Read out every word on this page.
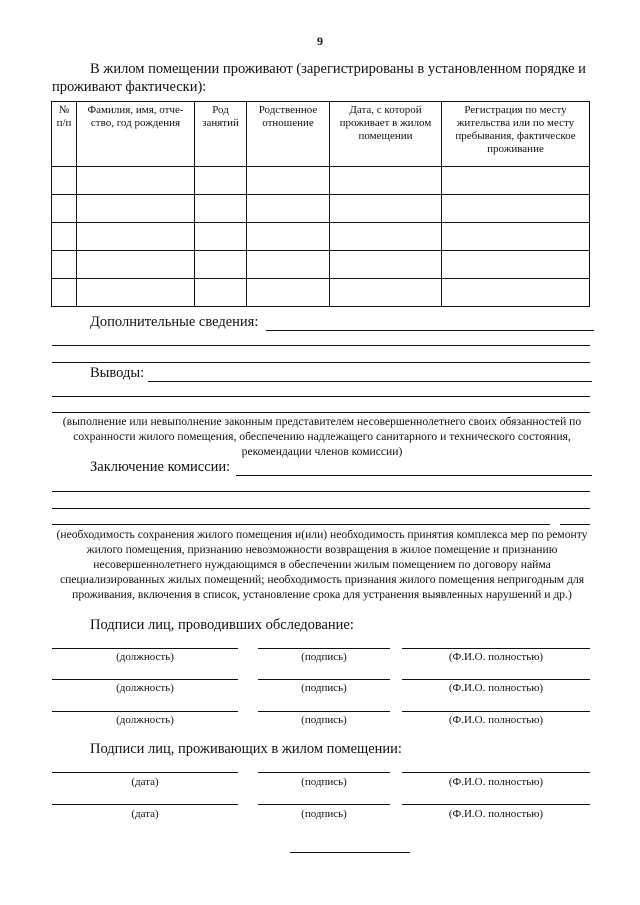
9
В жилом помещении проживают (зарегистрированы в установленном порядке и проживают фактически):
№ п/п	Фамилия, имя, отче-ство, год рождения	Род занятий	Родственное отношение	Дата, с которой проживает в жилом помещении	Регистрация по месту жительства или по месту пребывания, фактическое проживание

Дополнительные сведения:
Выводы:
(выполнение или невыполнение законным представителем несовершеннолетнего своих обязанностей по сохранности жилого помещения, обеспечению надлежащего санитарного и технического состояния, рекомендации членов комиссии)
Заключение комиссии:
(необходимость сохранения жилого помещения и(или) необходимость принятия комплекса мер по ремонту жилого помещения, признанию невозможности возвращения в жилое помещение и признанию несовершеннолетнего нуждающимся в обеспечении жилым помещением по договору найма специализированных жилых помещений; необходимость признания жилого помещения непригодным для проживания, включения в список, установление срока для устранения выявленных нарушений и др.)
Подписи лиц, проводивших обследование:
(должность)	(подпись)	(Ф.И.О. полностью)
(должность)	(подпись)	(Ф.И.О. полностью)
(должность)	(подпись)	(Ф.И.О. полностью)
Подписи лиц, проживающих в жилом помещении:
(дата)	(подпись)	(Ф.И.О. полностью)
(дата)	(подпись)	(Ф.И.О. полностью)
